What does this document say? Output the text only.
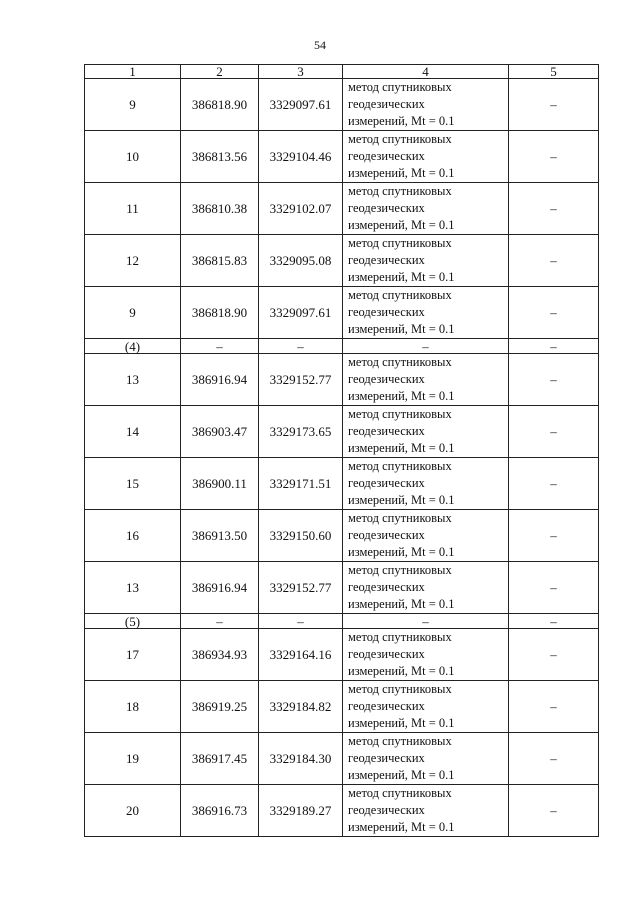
54
1	2	3	4	5
9	386818.90	3329097.61	метод спутниковых
геодезических
измерений, Mt = 0.1	–
10	386813.56	3329104.46	метод спутниковых
геодезических
измерений, Mt = 0.1	–
11	386810.38	3329102.07	метод спутниковых
геодезических
измерений, Mt = 0.1	–
12	386815.83	3329095.08	метод спутниковых
геодезических
измерений, Mt = 0.1	–
9	386818.90	3329097.61	метод спутниковых
геодезических
измерений, Mt = 0.1	–
(4)	–	–	–	–
13	386916.94	3329152.77	метод спутниковых
геодезических
измерений, Mt = 0.1	–
14	386903.47	3329173.65	метод спутниковых
геодезических
измерений, Mt = 0.1	–
15	386900.11	3329171.51	метод спутниковых
геодезических
измерений, Mt = 0.1	–
16	386913.50	3329150.60	метод спутниковых
геодезических
измерений, Mt = 0.1	–
13	386916.94	3329152.77	метод спутниковых
геодезических
измерений, Mt = 0.1	–
(5)	–	–	–	–
17	386934.93	3329164.16	метод спутниковых
геодезических
измерений, Mt = 0.1	–
18	386919.25	3329184.82	метод спутниковых
геодезических
измерений, Mt = 0.1	–
19	386917.45	3329184.30	метод спутниковых
геодезических
измерений, Mt = 0.1	–
20	386916.73	3329189.27	метод спутниковых
геодезических
измерений, Mt = 0.1	–
